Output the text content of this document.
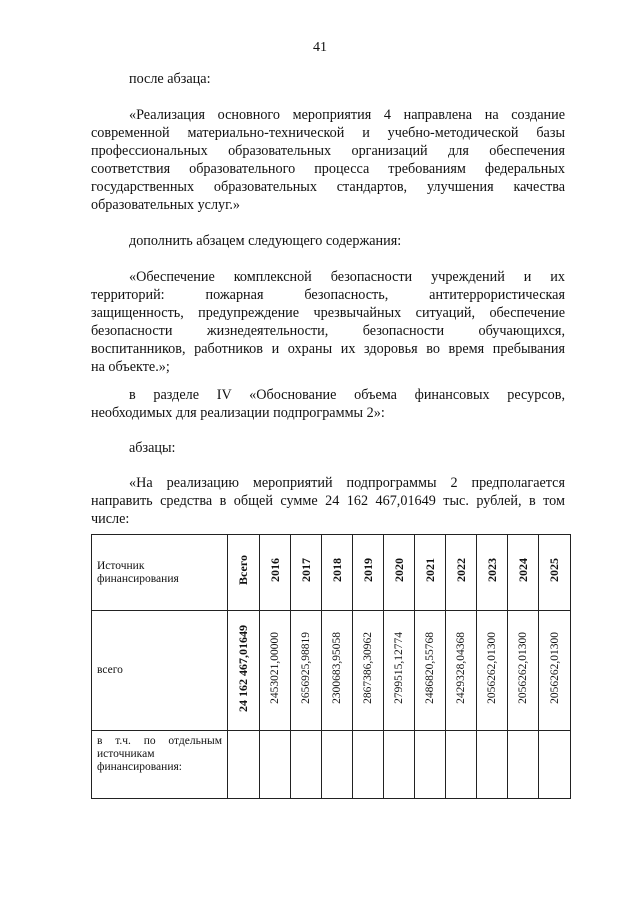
41

после абзаца:

«Реализация основного мероприятия 4 направлена на создание
современной материально-технической и учебно-методической базы
профессиональных образовательных организаций для обеспечения
соответствия образовательного процесса требованиям федеральных
государственных образовательных стандартов, улучшения качества
образовательных услуг.»

дополнить абзацем следующего содержания:

«Обеспечение комплексной безопасности учреждений и их
территорий: пожарная безопасность, антитеррористическая
защищенность, предупреждение чрезвычайных ситуаций, обеспечение
безопасности жизнедеятельности, безопасности обучающихся,
воспитанников, работников и охраны их здоровья во время пребывания
на объекте.»;
в разделе IV «Обоснование объема финансовых ресурсов,
необходимых для реализации подпрограммы 2»:

абзацы:

«На реализацию мероприятий подпрограммы 2 предполагается
направить средства в общей сумме 24 162 467,01649 тыс. рублей, в том
числе:
Источник финансирования	Всего	2016	2017	2018	2019	2020	2021	2022	2023	2024	2025
всего	24 162 467,01649	2453021,00000	2656925,98819	2300683,95058	2867386,30962	2799515,12774	2486820,55768	2429328,04368	2056262,01300	2056262,01300	2056262,01300
в т.ч. по отдельным источникам финансирования:											
